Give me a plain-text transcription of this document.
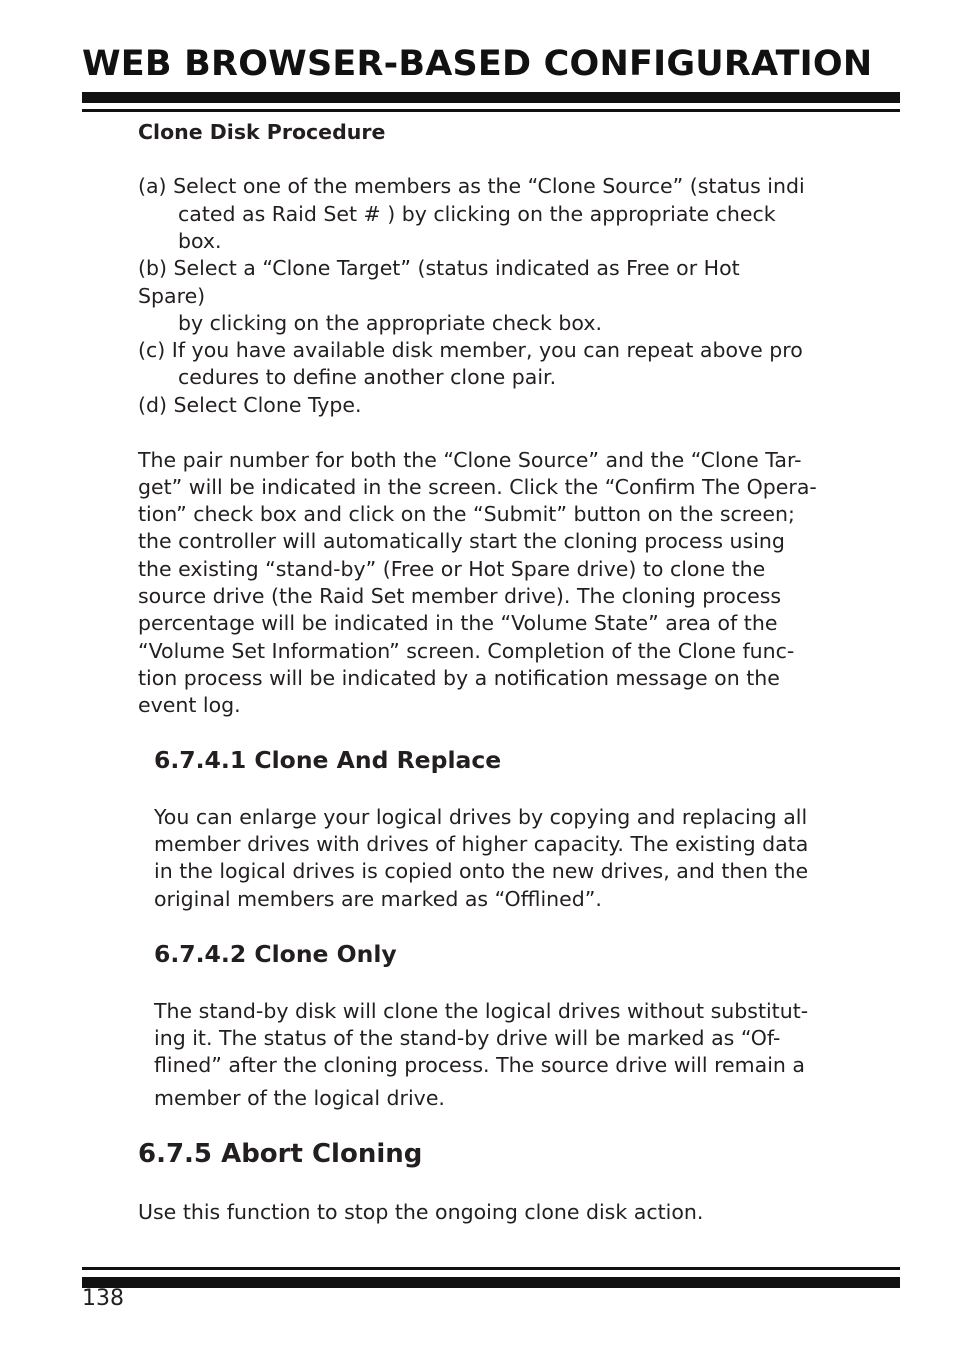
WEB BROWSER-BASED CONFIGURATION
Clone Disk Procedure

(a) Select one of the members as the “Clone Source” (status indi

cated as Raid Set # ) by clicking on the appropriate check

box.

(b) Select a “Clone Target” (status indicated as Free or Hot

Spare)

by clicking on the appropriate check box.

(c) If you have available disk member, you can repeat above pro

cedures to define another clone pair.

(d) Select Clone Type.

The pair number for both the “Clone Source” and the “Clone Tar-

get” will be indicated in the screen. Click the “Confirm The Opera-

tion” check box and click on the “Submit” button on the screen;

the controller will automatically start the cloning process using

the existing “stand-by” (Free or Hot Spare drive) to clone the

source drive (the Raid Set member drive). The cloning process

percentage will be indicated in the “Volume State” area of the

“Volume Set Information” screen. Completion of the Clone func-

tion process will be indicated by a notification message on the

event log.

6.7.4.1 Clone And Replace

You can enlarge your logical drives by copying and replacing all

member drives with drives of higher capacity. The existing data

in the logical drives is copied onto the new drives, and then the

original members are marked as “Offlined”.

6.7.4.2 Clone Only

The stand-by disk will clone the logical drives without substitut-

ing it. The status of the stand-by drive will be marked as “Of-

flined” after the cloning process. The source drive will remain a

member of the logical drive.

6.7.5 Abort Cloning

Use this function to stop the ongoing clone disk action.

138
